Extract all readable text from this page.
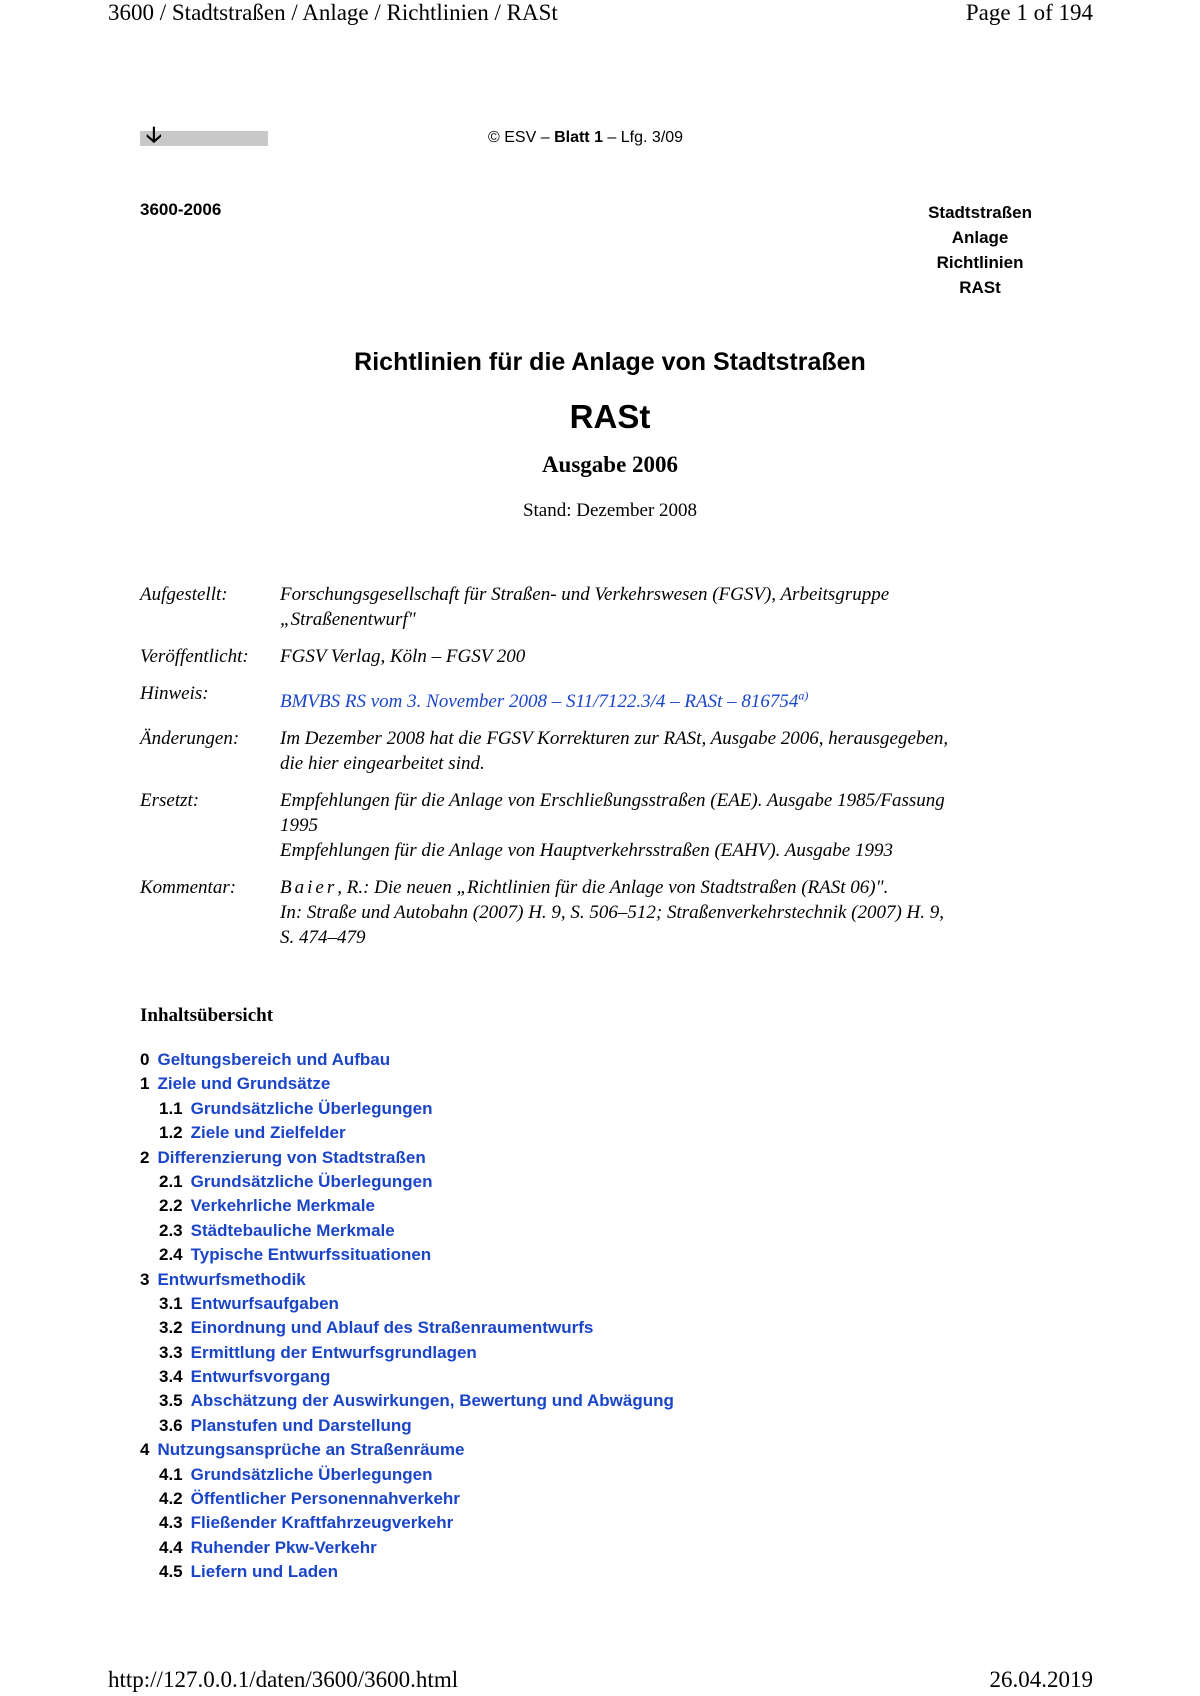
3600 / Stadtstraßen / Anlage / Richtlinien / RASt	Page 1 of 194
🡣	© ESV – Blatt 1 – Lfg. 3/09
3600-2006	Stadtstraßen
Anlage
Richtlinien
RASt
Richtlinien für die Anlage von Stadtstraßen
RASt
Ausgabe 2006
Stand: Dezember 2008
Aufgestellt:	Forschungsgesellschaft für Straßen- und Verkehrswesen (FGSV), Arbeitsgruppe
„Straßenentwurf"
Veröffentlicht:	FGSV Verlag, Köln – FGSV 200
Hinweis:	BMVBS RS vom 3. November 2008 – S11/7122.3/4 – RASt – 816754$^{a)}$
Änderungen:	Im Dezember 2008 hat die FGSV Korrekturen zur RASt, Ausgabe 2006, herausgegeben,
die hier eingearbeitet sind.
Ersetzt:	Empfehlungen für die Anlage von Erschließungsstraßen (EAE). Ausgabe 1985/Fassung
1995
Empfehlungen für die Anlage von Hauptverkehrsstraßen (EAHV). Ausgabe 1993
Kommentar:	Baier, R.: Die neuen „Richtlinien für die Anlage von Stadtstraßen (RASt 06)".
In: Straße und Autobahn (2007) H. 9, S. 506–512; Straßenverkehrstechnik (2007) H. 9,
S. 474–479
Inhaltsübersicht
0 Geltungsbereich und Aufbau
1 Ziele und Grundsätze
1.1 Grundsätzliche Überlegungen
1.2 Ziele und Zielfelder
2 Differenzierung von Stadtstraßen
2.1 Grundsätzliche Überlegungen
2.2 Verkehrliche Merkmale
2.3 Städtebauliche Merkmale
2.4 Typische Entwurfssituationen
3 Entwurfsmethodik
3.1 Entwurfsaufgaben
3.2 Einordnung und Ablauf des Straßenraumentwurfs
3.3 Ermittlung der Entwurfsgrundlagen
3.4 Entwurfsvorgang
3.5 Abschätzung der Auswirkungen, Bewertung und Abwägung
3.6 Planstufen und Darstellung
4 Nutzungsansprüche an Straßenräume
4.1 Grundsätzliche Überlegungen
4.2 Öffentlicher Personennahverkehr
4.3 Fließender Kraftfahrzeugverkehr
4.4 Ruhender Pkw-Verkehr
4.5 Liefern und Laden
http://127.0.0.1/daten/3600/3600.html	26.04.2019
